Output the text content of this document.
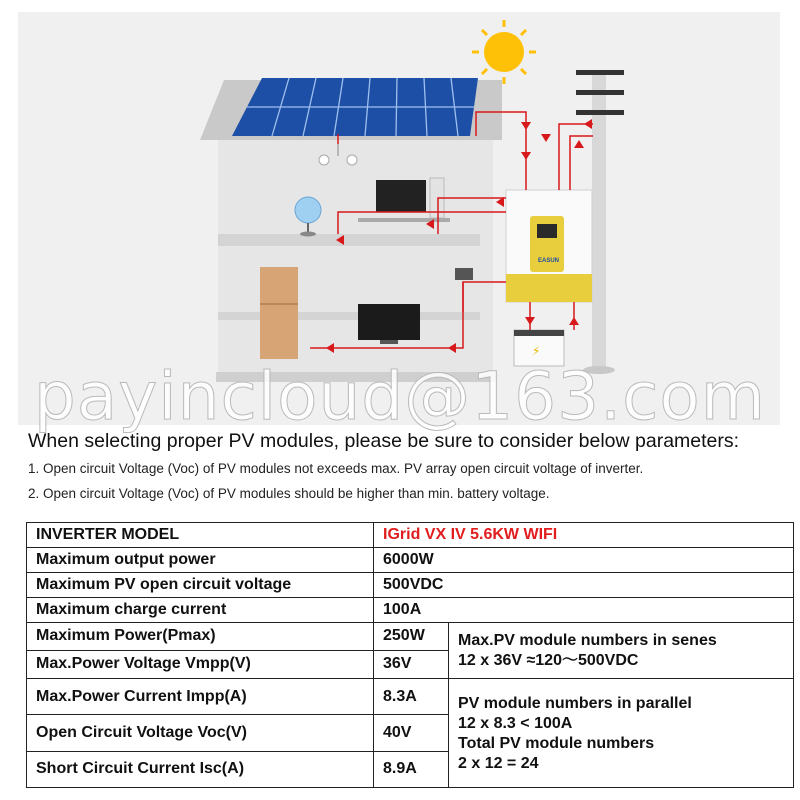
EASUN
⚡
payincloud@163.com

When selecting proper PV modules, please be sure to consider below parameters:

1. Open circuit Voltage (Voc) of PV modules not exceeds max. PV array open circuit voltage of inverter.

2. Open circuit Voltage (Voc) of PV modules should be higher than min. battery voltage.

INVERTER MODEL	IGrid VX IV 5.6KW WIFI	
Maximum output power	6000W	
Maximum PV open circuit voltage	500VDC	
Maximum charge current	100A	
Maximum Power(Pmax)	250W	Max.PV module numbers in senes
12 x 36V ≈120～500VDC

Max.Power Voltage Vmpp(V)	36V	
Max.Power Current Impp(A)	8.3A	PV module numbers in parallel
12 x 8.3 < 100A
Total PV module numbers
2 x 12 = 24

Open Circuit Voltage Voc(V)	40V	
Short Circuit Current Isc(A)	8.9A	
